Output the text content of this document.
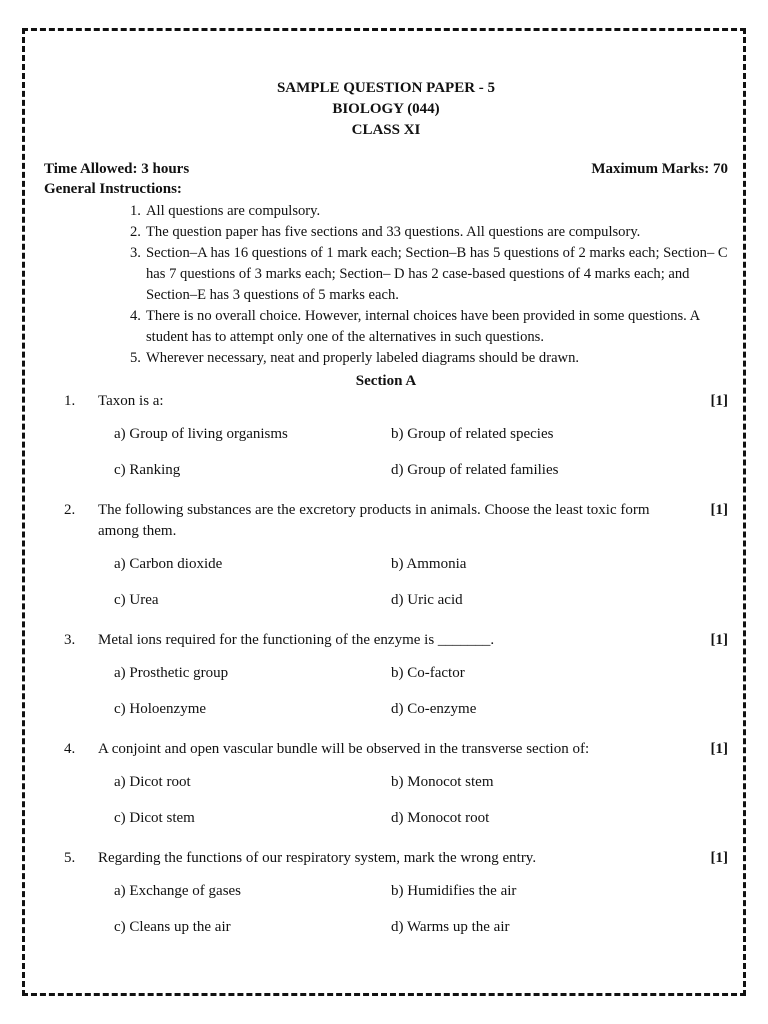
SAMPLE QUESTION PAPER - 5
BIOLOGY (044)
CLASS XI
Time Allowed: 3 hours	Maximum Marks: 70
General Instructions:
1. All questions are compulsory.
2. The question paper has five sections and 33 questions. All questions are compulsory.
3. Section–A has 16 questions of 1 mark each; Section–B has 5 questions of 2 marks each; Section– C has 7 questions of 3 marks each; Section– D has 2 case-based questions of 4 marks each; and Section–E has 3 questions of 5 marks each.
4. There is no overall choice. However, internal choices have been provided in some questions. A student has to attempt only one of the alternatives in such questions.
5. Wherever necessary, neat and properly labeled diagrams should be drawn.
Section A
1.	Taxon is a:	[1]
a) Group of living organisms	b) Group of related species
c) Ranking	d) Group of related families
2.	The following substances are the excretory products in animals. Choose the least toxic form among them.
[1]
a) Carbon dioxide	b) Ammonia
c) Urea	d) Uric acid
3.	Metal ions required for the functioning of the enzyme is _______.	[1]
a) Prosthetic group	b) Co-factor
c) Holoenzyme	d) Co-enzyme
4.	A conjoint and open vascular bundle will be observed in the transverse section of:	[1]
a) Dicot root	b) Monocot stem
c) Dicot stem	d) Monocot root
5.	Regarding the functions of our respiratory system, mark the wrong entry.	[1]
a) Exchange of gases	b) Humidifies the air
c) Cleans up the air	d) Warms up the air
